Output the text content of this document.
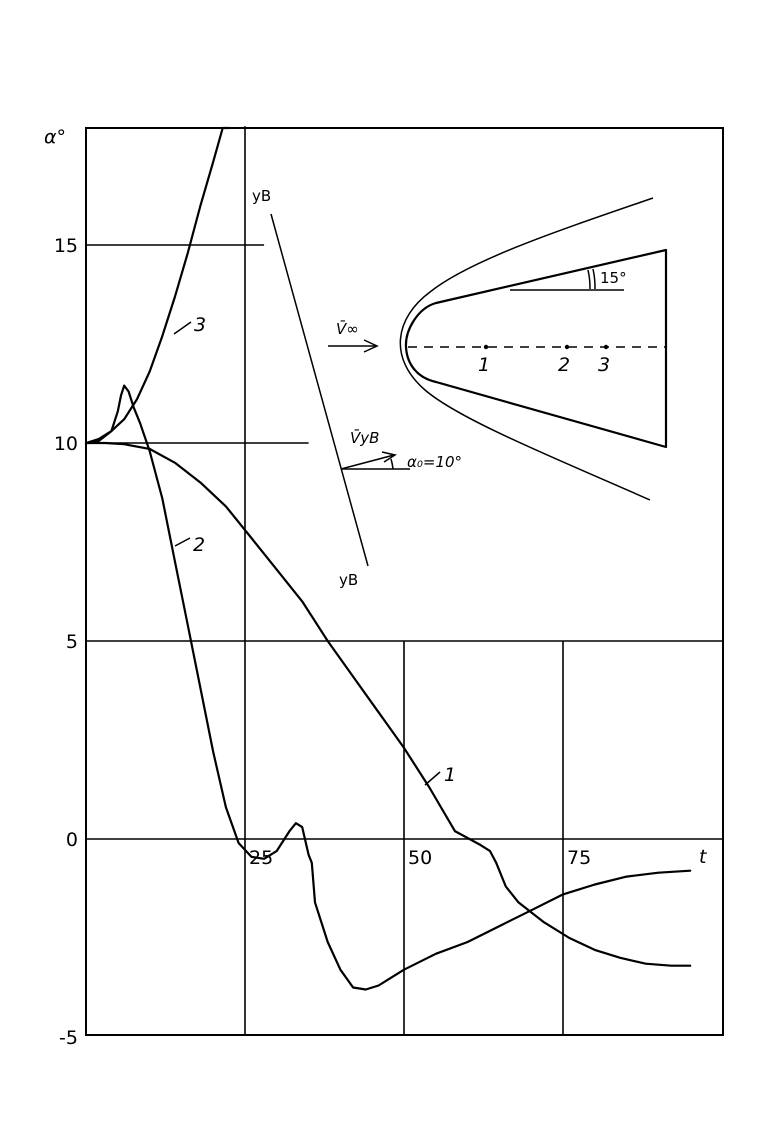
15
10
5
0
-5
25	50	75
α°
t
3
2
1
yB
yB
V̄yB
α₀=10°
V̄∞
15°
1	2 3
